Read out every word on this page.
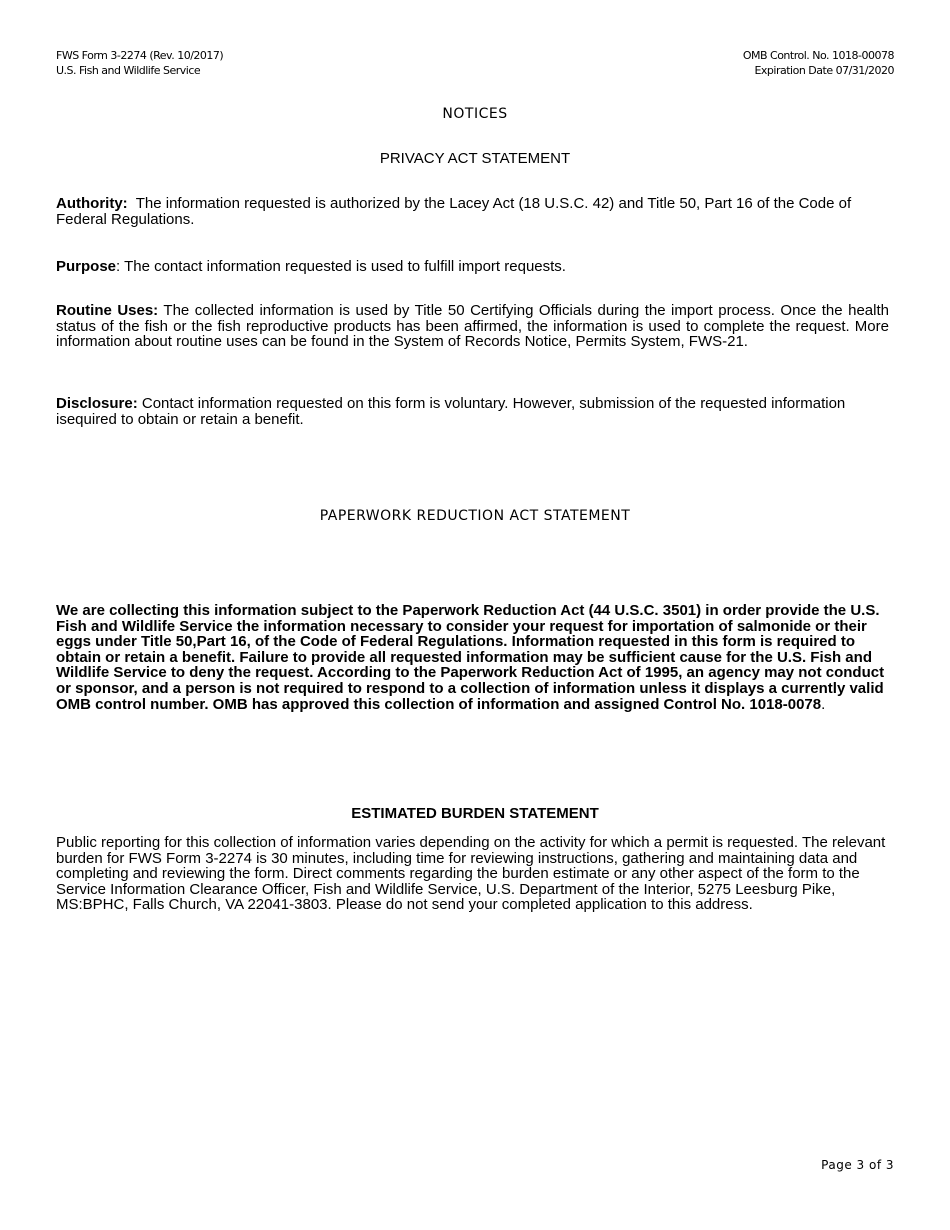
FWS Form 3-2274 (Rev. 10/2017)
U.S. Fish and Wildlife Service
OMB Control. No. 1018-00078
Expiration Date 07/31/2020
NOTICES
PRIVACY ACT STATEMENT

Authority:  The information requested is authorized by the Lacey Act (18 U.S.C. 42) and Title 50, Part 16 of the Code of Federal Regulations.

Purpose: The contact information requested is used to fulfill import requests.

Routine Uses: The collected information is used by Title 50 Certifying Officials during the import process. Once the health status of the fish or the fish reproductive products has been affirmed, the information is used to complete the request. More information about routine uses can be found in the System of Records Notice, Permits System, FWS-21.

Disclosure: Contact information requested on this form is voluntary. However, submission of the requested information isequired to obtain or retain a benefit.

PAPERWORK REDUCTION ACT STATEMENT

We are collecting this information subject to the Paperwork Reduction Act (44 U.S.C. 3501) in order provide the U.S. Fish and Wildlife Service the information necessary to consider your request for importation of salmonide or their eggs under Title 50,Part 16, of the Code of Federal Regulations. Information requested in this form is required to obtain or retain a benefit. Failure to provide all requested information may be sufficient cause for the U.S. Fish and Wildlife Service to deny the request. According to the Paperwork Reduction Act of 1995, an agency may not conduct or sponsor, and a person is not required to respond to a collection of information unless it displays a currently valid OMB control number. OMB has approved this collection of information and assigned Control No. 1018-0078.

ESTIMATED BURDEN STATEMENT

Public reporting for this collection of information varies depending on the activity for which a permit is requested. The relevant burden for FWS Form 3-2274 is 30 minutes, including time for reviewing instructions, gathering and maintaining data and completing and reviewing the form. Direct comments regarding the burden estimate or any other aspect of the form to the Service Information Clearance Officer, Fish and Wildlife Service, U.S. Department of the Interior, 5275 Leesburg Pike, MS:BPHC, Falls Church, VA 22041-3803. Please do not send your completed application to this address.

Page 3 of 3
